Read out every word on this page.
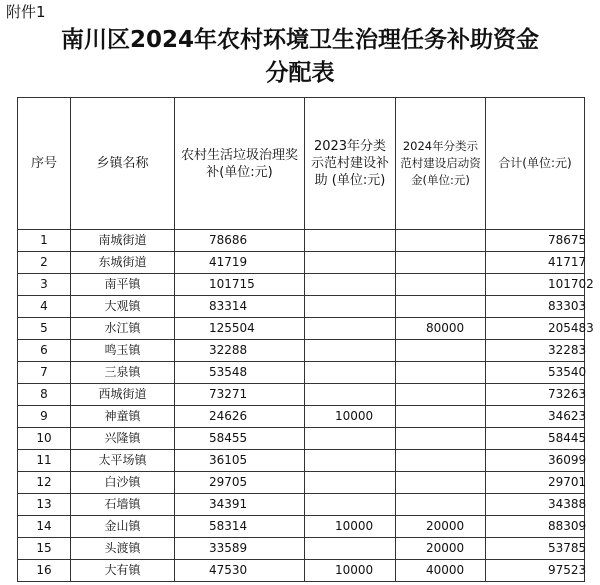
附件1
南川区2024年农村环境卫生治理任务补助资金
分配表
序号	乡镇名称	农村生活垃圾治理奖补(单位:元)	2023年分类示范村建设补助 (单位:元)	2024年分类示范村建设启动资金(单位:元)	合计(单位:元)
1	南城街道	78686			78675
2	东城街道	41719			41717
3	南平镇	101715			101702
4	大观镇	83314			83303
5	水江镇	125504		80000	205483
6	鸣玉镇	32288			32283
7	三泉镇	53548			53540
8	西城街道	73271			73263
9	神童镇	24626	10000		34623
10	兴隆镇	58455			58445
11	太平场镇	36105			36099
12	白沙镇	29705			29701
13	石墙镇	34391			34388
14	金山镇	58314	10000	20000	88309
15	头渡镇	33589		20000	53785
16	大有镇	47530	10000	40000	97523
